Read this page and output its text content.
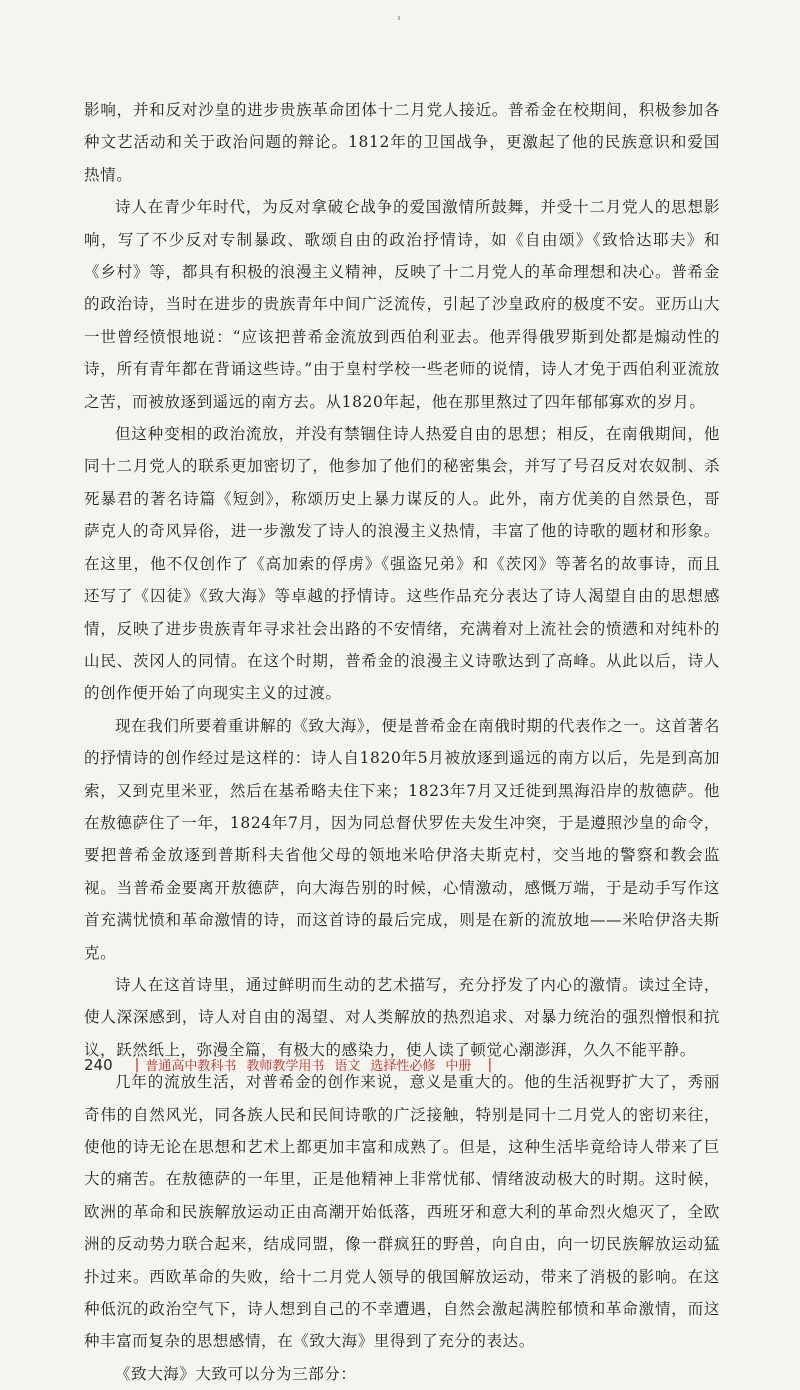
影响，并和反对沙皇的进步贵族革命团体十二月党人接近。普希金在校期间，积极参加各种文艺活动和关于政治问题的辩论。1812年的卫国战争，更激起了他的民族意识和爱国热情。

诗人在青少年时代，为反对拿破仑战争的爱国激情所鼓舞，并受十二月党人的思想影响，写了不少反对专制暴政、歌颂自由的政治抒情诗，如《自由颂》《致恰达耶夫》和《乡村》等，都具有积极的浪漫主义精神，反映了十二月党人的革命理想和决心。普希金的政治诗，当时在进步的贵族青年中间广泛流传，引起了沙皇政府的极度不安。亚历山大一世曾经愤恨地说：“应该把普希金流放到西伯利亚去。他弄得俄罗斯到处都是煽动性的诗，所有青年都在背诵这些诗。”由于皇村学校一些老师的说情，诗人才免于西伯利亚流放之苦，而被放逐到遥远的南方去。从1820年起，他在那里熬过了四年郁郁寡欢的岁月。

但这种变相的政治流放，并没有禁锢住诗人热爱自由的思想；相反，在南俄期间，他同十二月党人的联系更加密切了，他参加了他们的秘密集会，并写了号召反对农奴制、杀死暴君的著名诗篇《短剑》，称颂历史上暴力谋反的人。此外，南方优美的自然景色，哥萨克人的奇风异俗，进一步激发了诗人的浪漫主义热情，丰富了他的诗歌的题材和形象。在这里，他不仅创作了《高加索的俘虏》《强盗兄弟》和《茨冈》等著名的故事诗，而且还写了《囚徒》《致大海》等卓越的抒情诗。这些作品充分表达了诗人渴望自由的思想感情，反映了进步贵族青年寻求社会出路的不安情绪，充满着对上流社会的愤懑和对纯朴的山民、茨冈人的同情。在这个时期，普希金的浪漫主义诗歌达到了高峰。从此以后，诗人的创作便开始了向现实主义的过渡。

现在我们所要着重讲解的《致大海》，便是普希金在南俄时期的代表作之一。这首著名的抒情诗的创作经过是这样的：诗人自1820年5月被放逐到遥远的南方以后，先是到高加索，又到克里米亚，然后在基希略夫住下来；1823年7月又迁徙到黑海沿岸的敖德萨。他在敖德萨住了一年，1824年7月，因为同总督伏罗佐夫发生冲突，于是遵照沙皇的命令，要把普希金放逐到普斯科夫省他父母的领地米哈伊洛夫斯克村，交当地的警察和教会监视。当普希金要离开敖德萨，向大海告别的时候，心情激动，感慨万端，于是动手写作这首充满忧愤和革命激情的诗，而这首诗的最后完成，则是在新的流放地——米哈伊洛夫斯克。

诗人在这首诗里，通过鲜明而生动的艺术描写，充分抒发了内心的激情。读过全诗，使人深深感到，诗人对自由的渴望、对人类解放的热烈追求、对暴力统治的强烈憎恨和抗议，跃然纸上，弥漫全篇，有极大的感染力，使人读了顿觉心潮澎湃，久久不能平静。

几年的流放生活，对普希金的创作来说，意义是重大的。他的生活视野扩大了，秀丽奇伟的自然风光，同各族人民和民间诗歌的广泛接触，特别是同十二月党人的密切来往，使他的诗无论在思想和艺术上都更加丰富和成熟了。但是，这种生活毕竟给诗人带来了巨大的痛苦。在敖德萨的一年里，正是他精神上非常忧郁、情绪波动极大的时期。这时候，欧洲的革命和民族解放运动正由高潮开始低落，西班牙和意大利的革命烈火熄灭了，全欧洲的反动势力联合起来，结成同盟，像一群疯狂的野兽，向自由，向一切民族解放运动猛扑过来。西欧革命的失败，给十二月党人领导的俄国解放运动，带来了消极的影响。在这种低沉的政治空气下，诗人想到自己的不幸遭遇，自然会激起满腔郁愤和革命激情，而这种丰富而复杂的思想感情，在《致大海》里得到了充分的表达。

《致大海》大致可以分为三部分：

240 | 普通高中教科书 教师教学用书 语文 选择性必修 中册 |
